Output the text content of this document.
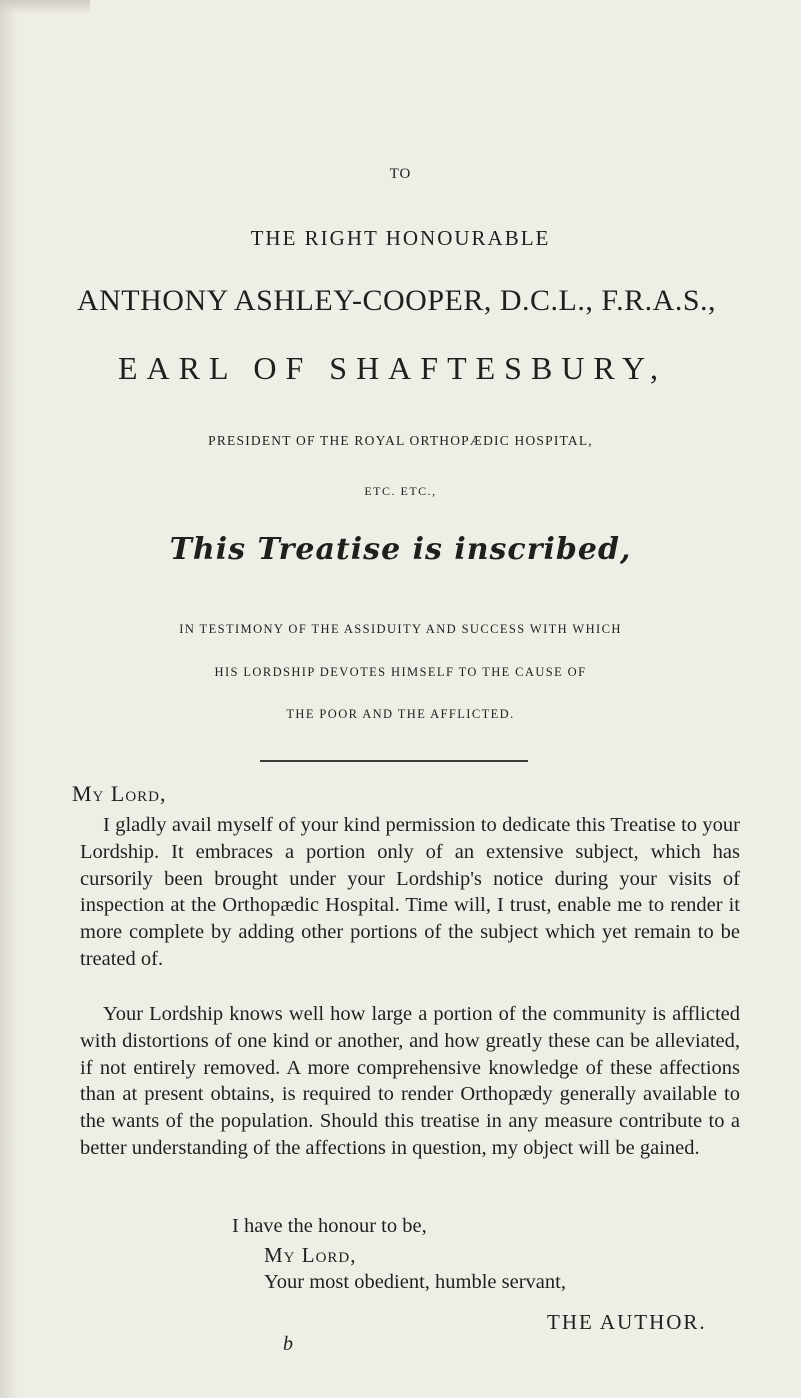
TO
THE RIGHT HONOURABLE
ANTHONY ASHLEY-COOPER, D.C.L., F.R.A.S.,
EARL OF SHAFTESBURY,
PRESIDENT OF THE ROYAL ORTHOPÆDIC HOSPITAL,
ETC. ETC.,
This Treatise is inscribed,
IN TESTIMONY OF THE ASSIDUITY AND SUCCESS WITH WHICH
HIS LORDSHIP DEVOTES HIMSELF TO THE CAUSE OF
THE POOR AND THE AFFLICTED.
My Lord,

I gladly avail myself of your kind permission to dedicate this Treatise to your Lordship. It embraces a portion only of an extensive subject, which has cursorily been brought under your Lordship's notice during your visits of inspection at the Orthopædic Hospital. Time will, I trust, enable me to render it more complete by adding other portions of the subject which yet remain to be treated of.

Your Lordship knows well how large a portion of the community is afflicted with distortions of one kind or another, and how greatly these can be alleviated, if not entirely removed. A more comprehensive knowledge of these affections than at present obtains, is required to render Orthopædy generally available to the wants of the population. Should this treatise in any measure contribute to a better understanding of the affections in question, my object will be gained.

I have the honour to be,
My Lord,
Your most obedient, humble servant,
THE AUTHOR.
b
